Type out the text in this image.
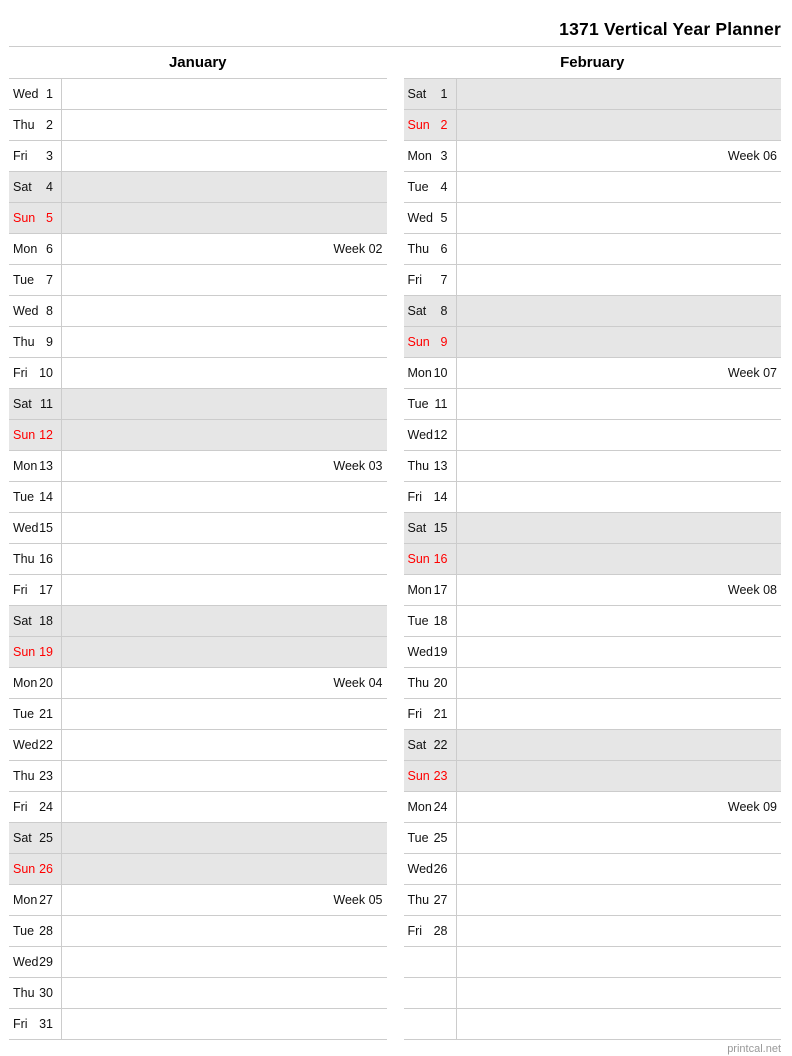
1371 Vertical Year Planner
January
Wed 1
Thu 2
Fri 3
Sat 4
Sun 5
Mon 6	Week 02
Tue 7
Wed 8
Thu 9
Fri 10
Sat 11
Sun 12
Mon 13	Week 03
Tue 14
Wed 15
Thu 16
Fri 17
Sat 18
Sun 19
Mon 20	Week 04
Tue 21
Wed 22
Thu 23
Fri 24
Sat 25
Sun 26
Mon 27	Week 05
Tue 28
Wed 29
Thu 30
Fri 31
February
Sat 1
Sun 2
Mon 3	Week 06
Tue 4
Wed 5
Thu 6
Fri 7
Sat 8
Sun 9
Mon 10	Week 07
Tue 11
Wed 12
Thu 13
Fri 14
Sat 15
Sun 16
Mon 17	Week 08
Tue 18
Wed 19
Thu 20
Fri 21
Sat 22
Sun 23
Mon 24	Week 09
Tue 25
Wed 26
Thu 27
Fri 28
printcal.net
